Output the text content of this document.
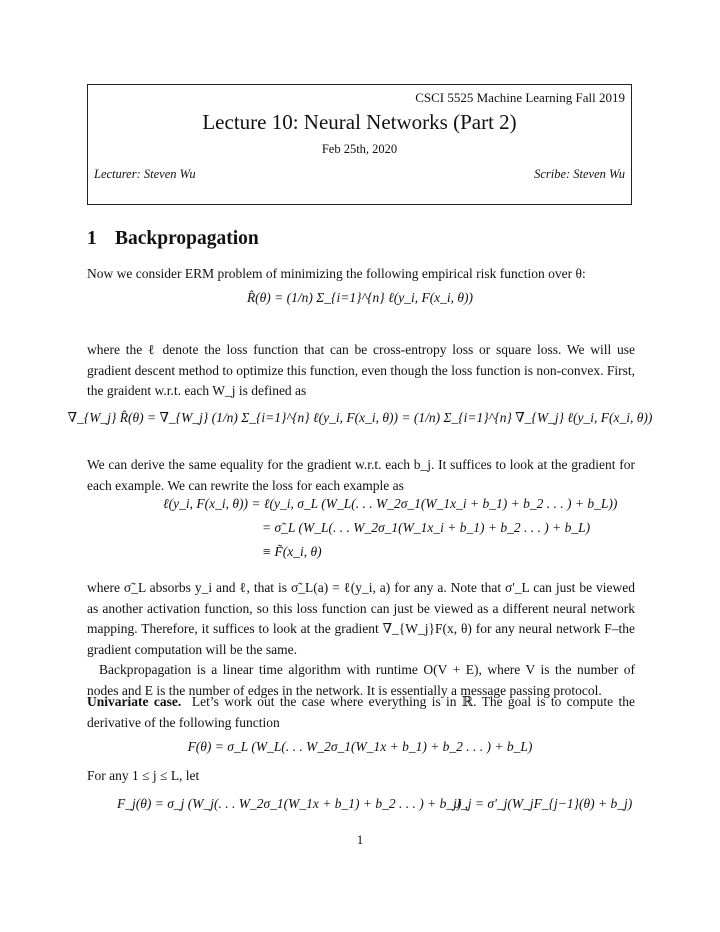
CSCI 5525 Machine Learning Fall 2019
Lecture 10: Neural Networks (Part 2)
Feb 25th, 2020
Lecturer: Steven Wu	Scribe: Steven Wu
1 Backpropagation

Now we consider ERM problem of minimizing the following empirical risk function over θ:

R̂(θ) = (1/n) Σ_{i=1}^{n} ℓ(y_i, F(x_i, θ))

where the ℓ denote the loss function that can be cross-entropy loss or square loss. We will use gradient descent method to optimize this function, even though the loss function is non-convex. First, the graident w.r.t. each W_j is defined as

∇_{W_j} R̂(θ) = ∇_{W_j} (1/n) Σ_{i=1}^{n} ℓ(y_i, F(x_i, θ)) = (1/n) Σ_{i=1}^{n} ∇_{W_j} ℓ(y_i, F(x_i, θ))

We can derive the same equality for the gradient w.r.t. each b_j. It suffices to look at the gradient for each example. We can rewrite the loss for each example as

ℓ(y_i, F(x_i, θ)) = ℓ(y_i, σ_L (W_L(. . . W_2σ_1(W_1x_i + b_1) + b_2 . . . ) + b_L))
= σ̃_L (W_L(. . . W_2σ_1(W_1x_i + b_1) + b_2 . . . ) + b_L)
≡ F̃(x_i, θ)

where σ̃_L absorbs y_i and ℓ, that is σ̃_L(a) = ℓ(y_i, a) for any a. Note that σ'_L can just be viewed as another activation function, so this loss function can just be viewed as a different neural network mapping. Therefore, it suffices to look at the gradient ∇_{W_j}F(x, θ) for any neural network F–the gradient computation will be the same.

Backpropagation is a linear time algorithm with runtime O(V + E), where V is the number of nodes and E is the number of edges in the network. It is essentially a message passing protocol.

Univariate case. Let’s work out the case where everything is in ℝ. The goal is to compute the derivative of the following function

F(θ) = σ_L (W_L(. . . W_2σ_1(W_1x + b_1) + b_2 . . . ) + b_L)

For any 1 ≤ j ≤ L, let

F_j(θ) = σ_j (W_j(. . . W_2σ_1(W_1x + b_1) + b_2 . . . ) + b_j) ,
J_j = σ'_j(W_jF_{j−1}(θ) + b_j)
1
